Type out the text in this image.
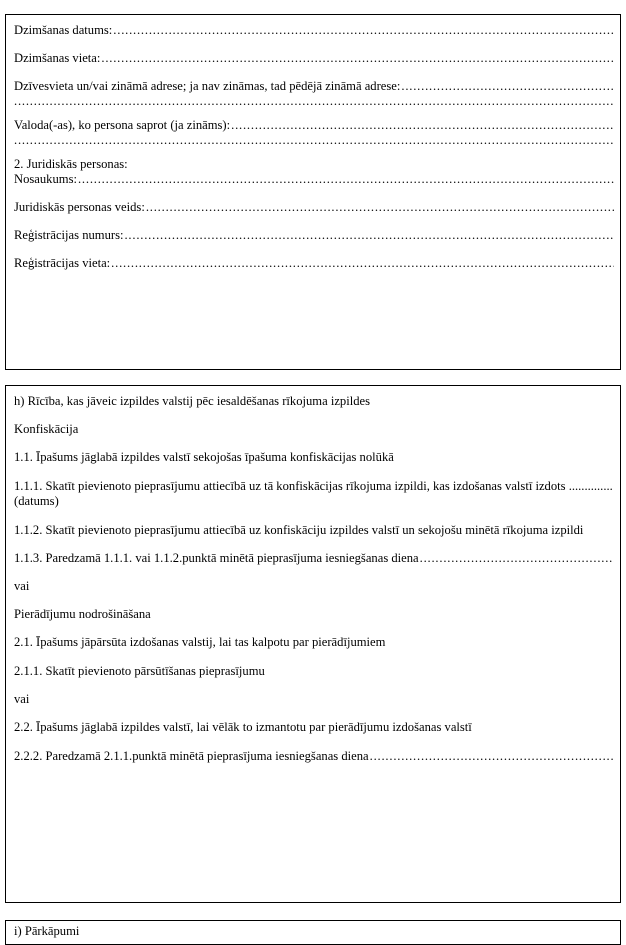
Dzimšanas datums:
.....
Dzimšanas vieta:
.....
Dzīvesvieta un/vai zināmā adrese; ja nav zināmas, tad pēdējā zināmā adrese:
.....
.....
Valoda(-as), ko persona saprot (ja zināms):
.....
.....
2. Juridiskās personas:
Nosaukums:
.....
Juridiskās personas veids:
.....
Reģistrācijas numurs:
.....
Reģistrācijas vieta:
.....
h) Rīcība, kas jāveic izpildes valstij pēc iesaldēšanas rīkojuma izpildes
Konfiskācija
1.1. Īpašums jāglabā izpildes valstī sekojošas īpašuma konfiskācijas nolūkā
1.1.1. Skatīt pievienoto pieprasījumu attiecībā uz tā konfiskācijas rīkojuma izpildi, kas izdošanas valstī izdots .............. (datums)
1.1.2. Skatīt pievienoto pieprasījumu attiecībā uz konfiskāciju izpildes valstī un sekojošu minētā rīkojuma izpildi
1.1.3. Paredzamā 1.1.1. vai 1.1.2.punktā minētā pieprasījuma iesniegšanas diena
.....
vai
Pierādījumu nodrošināšana
2.1. Īpašums jāpārsūta izdošanas valstij, lai tas kalpotu par pierādījumiem
2.1.1. Skatīt pievienoto pārsūtīšanas pieprasījumu
vai
2.2. Īpašums jāglabā izpildes valstī, lai vēlāk to izmantotu par pierādījumu izdošanas valstī
2.2.2. Paredzamā 2.1.1.punktā minētā pieprasījuma iesniegšanas diena
.....
i) Pārkāpumi
